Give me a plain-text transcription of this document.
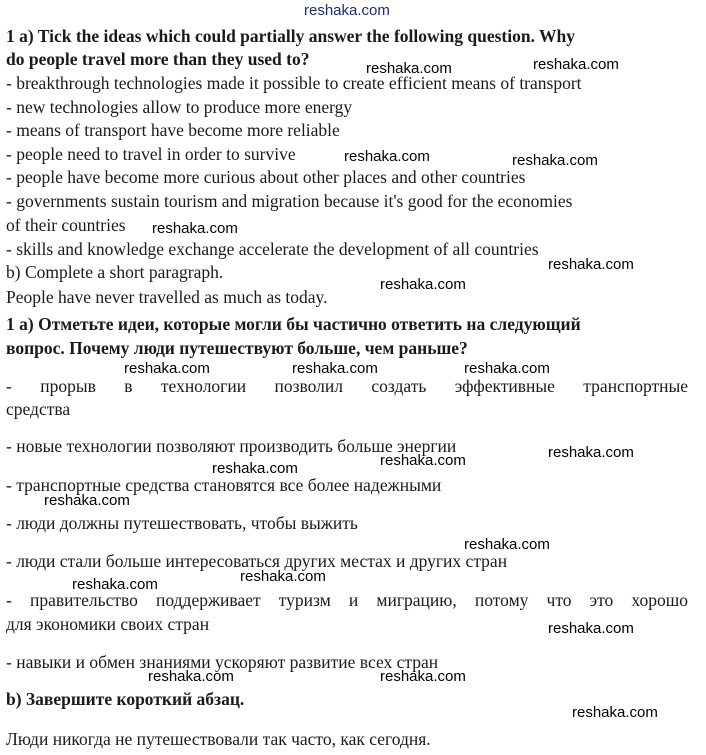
reshaka.com
1 a) Tick the ideas which could partially answer the following question. Why
do people travel more than they used to?
- breakthrough technologies made it possible to create efficient means of transport
- new technologies allow to produce more energy
- means of transport have become more reliable
- people need to travel in order to survive
- people have become more curious about other places and other countries
- governments sustain tourism and migration because it's good for the economies
of their countries
- skills and knowledge exchange accelerate the development of all countries
b) Complete a short paragraph.
People have never travelled as much as today.
1 а) Отметьте идеи, которые могли бы частично ответить на следующий
вопрос. Почему люди путешествуют больше, чем раньше?
- прорыв в технологии позволил создать эффективные транспортные
средства
- новые технологии позволяют производить больше энергии
- транспортные средства становятся все более надежными
- люди должны путешествовать, чтобы выжить
- люди стали больше интересоваться других местах и других стран
- правительство поддерживает туризм и миграцию, потому что это хорошо
для экономики своих стран
- навыки и обмен знаниями ускоряют развитие всех стран
b) Завершите короткий абзац.
Люди никогда не путешествовали так часто, как сегодня.
reshaka.com	reshaka.com
reshaka.com	reshaka.com
reshaka.com
reshaka.com
reshaka.com
reshaka.com	reshaka.com	reshaka.com
reshaka.com
reshaka.com
reshaka.com
reshaka.com
reshaka.com
reshaka.com
reshaka.com
reshaka.com
reshaka.com	reshaka.com
reshaka.com
